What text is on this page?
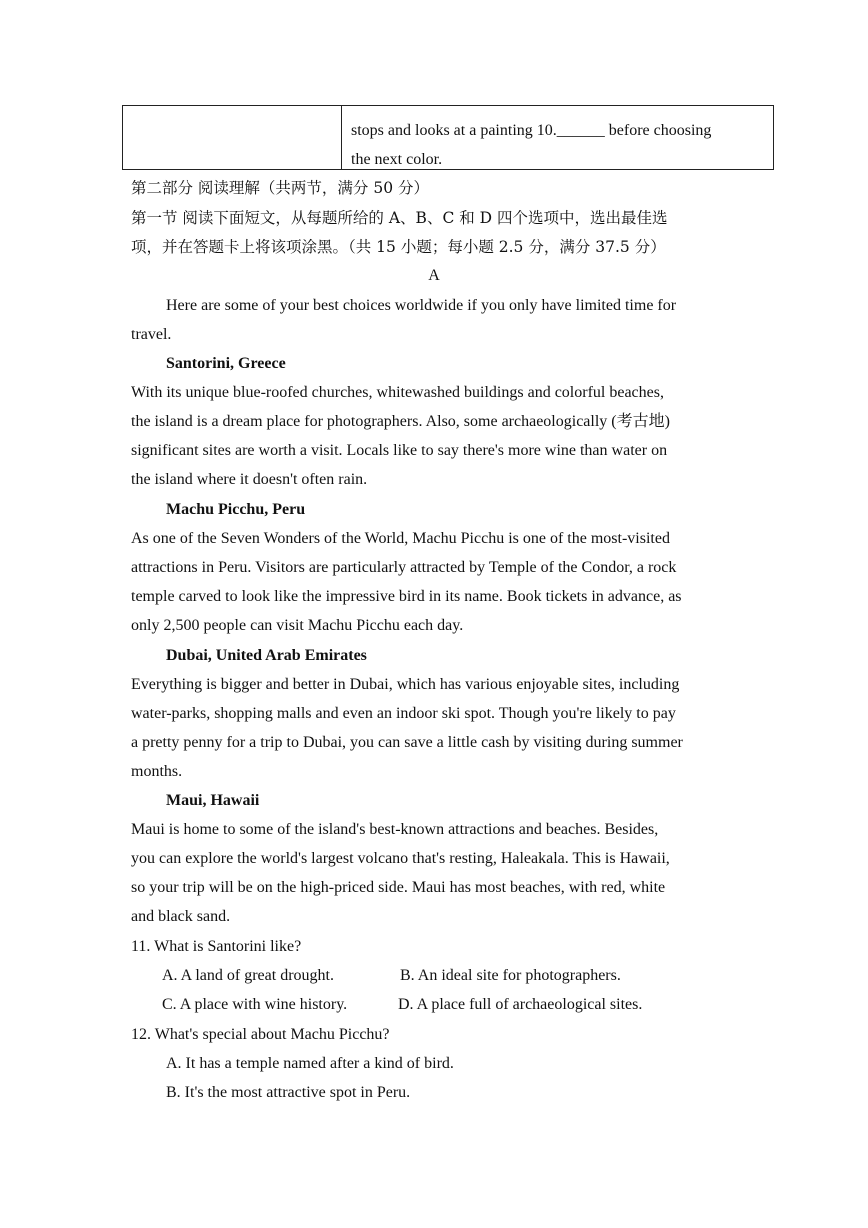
stops and looks at a painting 10.______ before choosing
the next color.
第二部分 阅读理解（共两节，满分 50 分）
第一节 阅读下面短文，从每题所给的 A、B、C 和 D 四个选项中，选出最佳选
项，并在答题卡上将该项涂黑。（共 15 小题；每小题 2.5 分，满分 37.5 分）
A
Here are some of your best choices worldwide if you only have limited time for
travel.
Santorini, Greece
With its unique blue-roofed churches, whitewashed buildings and colorful beaches,
the island is a dream place for photographers. Also, some archaeologically (考古地)
significant sites are worth a visit. Locals like to say there's more wine than water on
the island where it doesn't often rain.
Machu Picchu, Peru
As one of the Seven Wonders of the World, Machu Picchu is one of the most-visited
attractions in Peru. Visitors are particularly attracted by Temple of the Condor, a rock
temple carved to look like the impressive bird in its name. Book tickets in advance, as
only 2,500 people can visit Machu Picchu each day.
Dubai, United Arab Emirates
Everything is bigger and better in Dubai, which has various enjoyable sites, including
water-parks, shopping malls and even an indoor ski spot. Though you're likely to pay
a pretty penny for a trip to Dubai, you can save a little cash by visiting during summer
months.
Maui, Hawaii
Maui is home to some of the island's best-known attractions and beaches. Besides,
you can explore the world's largest volcano that's resting, Haleakala. This is Hawaii,
so your trip will be on the high-priced side. Maui has most beaches, with red, white
and black sand.
11. What is Santorini like?
A. A land of great drought.	B. An ideal site for photographers.
C. A place with wine history.	D. A place full of archaeological sites.
12. What's special about Machu Picchu?
A. It has a temple named after a kind of bird.
B. It's the most attractive spot in Peru.
